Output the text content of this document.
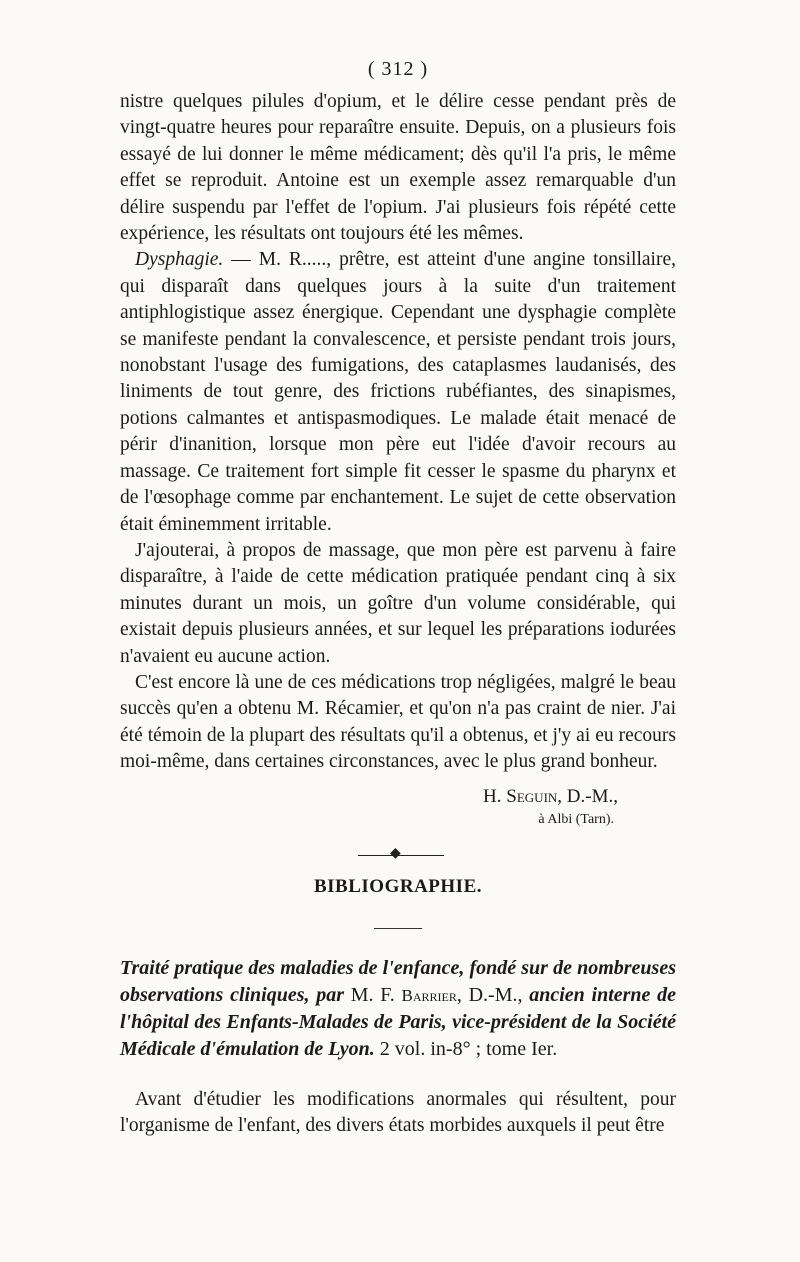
( 312 )

nistre quelques pilules d'opium, et le délire cesse pendant près de vingt-quatre heures pour reparaître ensuite. Depuis, on a plusieurs fois essayé de lui donner le même médicament; dès qu'il l'a pris, le même effet se reproduit. Antoine est un exemple assez remarquable d'un délire suspendu par l'effet de l'opium. J'ai plusieurs fois répété cette expérience, les résultats ont toujours été les mêmes.

Dysphagie. — M. R....., prêtre, est atteint d'une angine tonsillaire, qui disparaît dans quelques jours à la suite d'un traitement antiphlogistique assez énergique. Cependant une dysphagie complète se manifeste pendant la convalescence, et persiste pendant trois jours, nonobstant l'usage des fumigations, des cataplasmes laudanisés, des liniments de tout genre, des frictions rubéfiantes, des sinapismes, potions calmantes et antispasmodiques. Le malade était menacé de périr d'inanition, lorsque mon père eut l'idée d'avoir recours au massage. Ce traitement fort simple fit cesser le spasme du pharynx et de l'œsophage comme par enchantement. Le sujet de cette observation était éminemment irritable.

J'ajouterai, à propos de massage, que mon père est parvenu à faire disparaître, à l'aide de cette médication pratiquée pendant cinq à six minutes durant un mois, un goître d'un volume considérable, qui existait depuis plusieurs années, et sur lequel les préparations iodurées n'avaient eu aucune action.

C'est encore là une de ces médications trop négligées, malgré le beau succès qu'en a obtenu M. Récamier, et qu'on n'a pas craint de nier. J'ai été témoin de la plupart des résultats qu'il a obtenus, et j'y ai eu recours moi-même, dans certaines circonstances, avec le plus grand bonheur.

H. Seguin, D.-M.,
à Albi (Tarn).
◆
BIBLIOGRAPHIE.

Traité pratique des maladies de l'enfance, fondé sur de nombreuses observations cliniques, par M. F. Barrier, D.-M., ancien interne de l'hôpital des Enfants-Malades de Paris, vice-président de la Société Médicale d'émulation de Lyon. 2 vol. in-8° ; tome Ier.

Avant d'étudier les modifications anormales qui résultent, pour l'organisme de l'enfant, des divers états morbides auxquels il peut être
